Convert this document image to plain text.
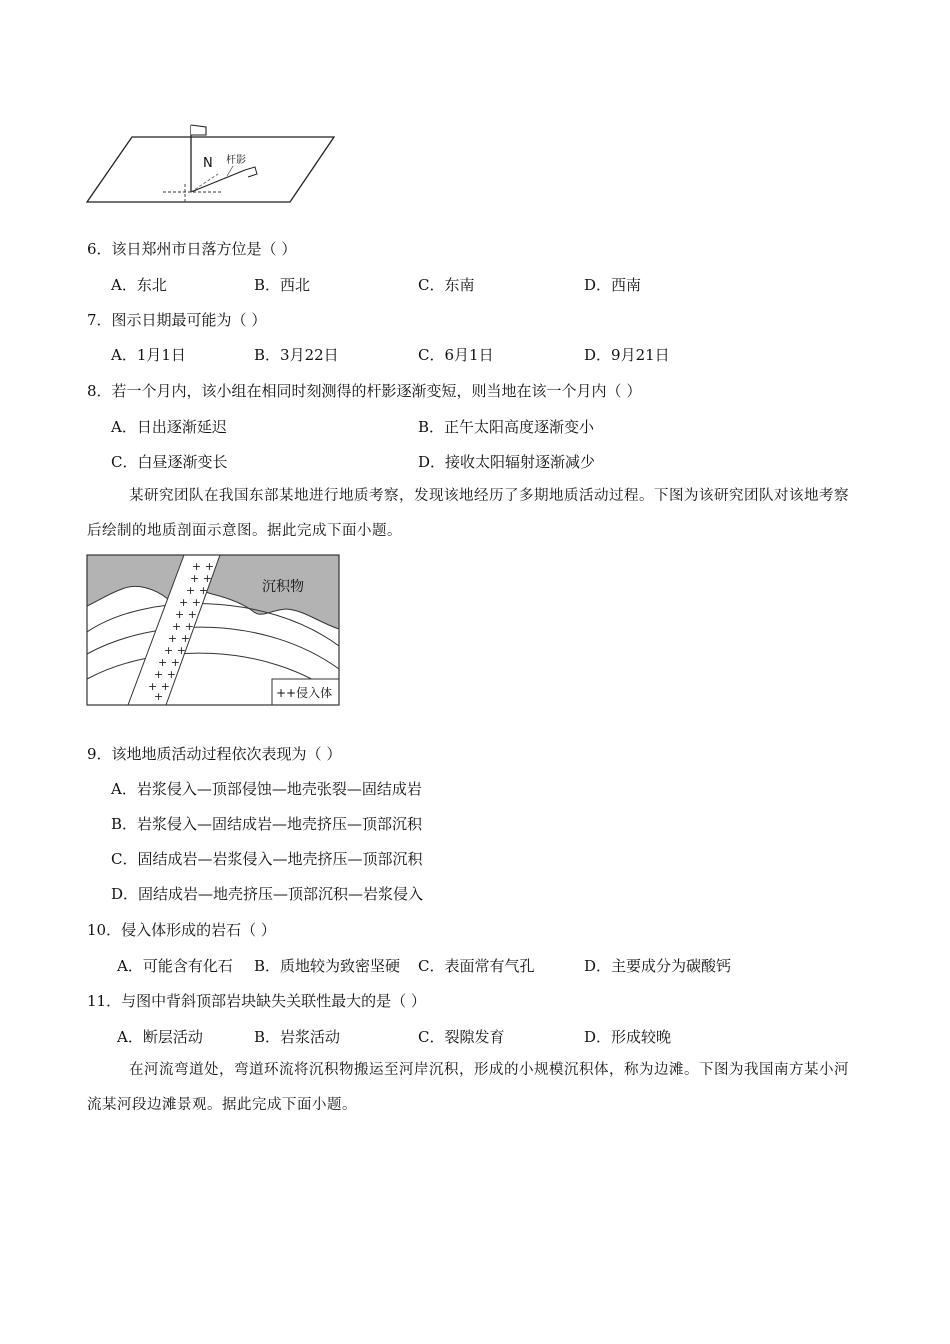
N 杆影
6．该日郑州市日落方位是（ ）
A．东北	B．西北	C．东南	D．西南
7．图示日期最可能为（ ）
A．1月1日	B．3月22日	C．6月1日	D．9月21日
8．若一个月内，该小组在相同时刻测得的杆影逐渐变短，则当地在该一个月内（ ）
A．日出逐渐延迟	B．正午太阳高度逐渐变小
C．白昼逐渐变长	D．接收太阳辐射逐渐减少
某研究团队在我国东部某地进行地质考察，发现该地经历了多期地质活动过程。下图为该研究团队对该地考察后绘制的地质剖面示意图。据此完成下面小题。
+ +
+ +
+ +
+ +
+ +
+ +
+ +
+ +
+ +
+ +
+ +
+
沉积物
++侵入体
9．该地地质活动过程依次表现为（ ）
A．岩浆侵入—顶部侵蚀—地壳张裂—固结成岩
B．岩浆侵入—固结成岩—地壳挤压—顶部沉积
C．固结成岩—岩浆侵入—地壳挤压—顶部沉积
D．固结成岩—地壳挤压—顶部沉积—岩浆侵入
10．侵入体形成的岩石（ ）
A．可能含有化石 B．质地较为致密坚硬 C．表面常有气孔	D．主要成分为碳酸钙
11．与图中背斜顶部岩块缺失关联性最大的是（ ）
A．断层活动	B．岩浆活动	C．裂隙发育	D．形成较晚
在河流弯道处，弯道环流将沉积物搬运至河岸沉积，形成的小规模沉积体，称为边滩。下图为我国南方某小河流某河段边滩景观。据此完成下面小题。
